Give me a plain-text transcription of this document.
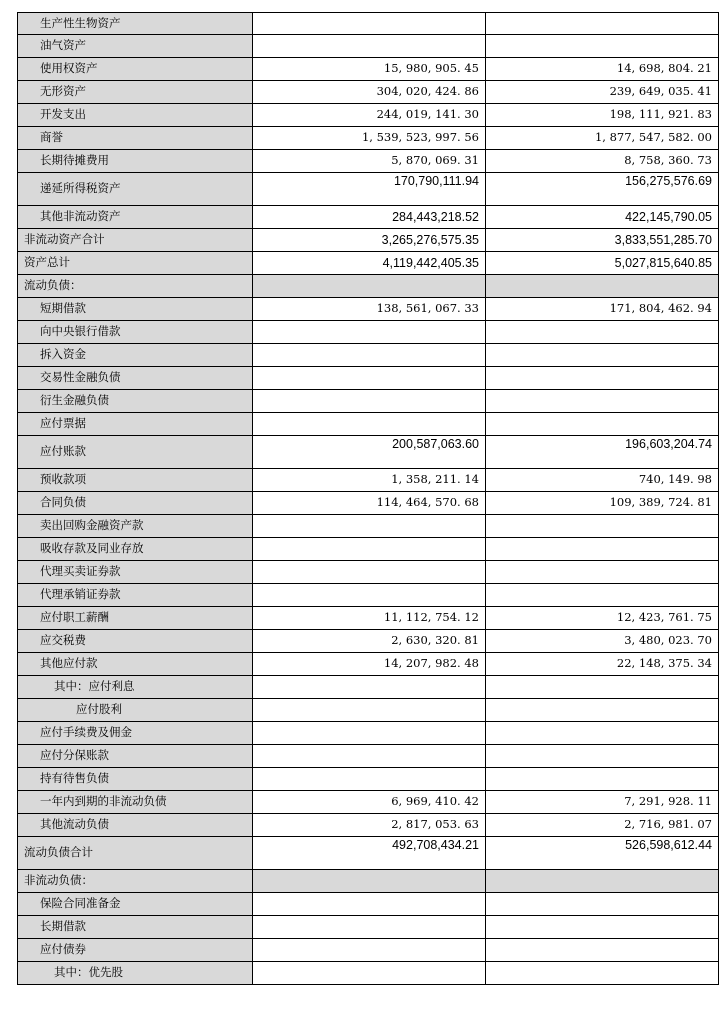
生产性生物资产		
油气资产		
使用权资产	15, 980, 905. 45	14, 698, 804. 21
无形资产	304, 020, 424. 86	239, 649, 035. 41
开发支出	244, 019, 141. 30	198, 111, 921. 83
商誉	1, 539, 523, 997. 56	1, 877, 547, 582. 00
长期待摊费用	5, 870, 069. 31	8, 758, 360. 73
递延所得税资产	170,790,111.94	156,275,576.69
其他非流动资产	284,443,218.52	422,145,790.05
非流动资产合计	3,265,276,575.35	3,833,551,285.70
资产总计	4,119,442,405.35	5,027,815,640.85
流动负债：		
短期借款	138, 561, 067. 33	171, 804, 462. 94
向中央银行借款		
拆入资金		
交易性金融负债		
衍生金融负债		
应付票据		
应付账款	200,587,063.60	196,603,204.74
预收款项	1, 358, 211. 14	740, 149. 98
合同负债	114, 464, 570. 68	109, 389, 724. 81
卖出回购金融资产款		
吸收存款及同业存放		
代理买卖证券款		
代理承销证券款		
应付职工薪酬	11, 112, 754. 12	12, 423, 761. 75
应交税费	2, 630, 320. 81	3, 480, 023. 70
其他应付款	14, 207, 982. 48	22, 148, 375. 34
其中：应付利息		
应付股利		
应付手续费及佣金		
应付分保账款		
持有待售负债		
一年内到期的非流动负债	6, 969, 410. 42	7, 291, 928. 11
其他流动负债	2, 817, 053. 63	2, 716, 981. 07
流动负债合计	492,708,434.21	526,598,612.44
非流动负债：		
保险合同准备金		
长期借款		
应付债券		
其中：优先股		
